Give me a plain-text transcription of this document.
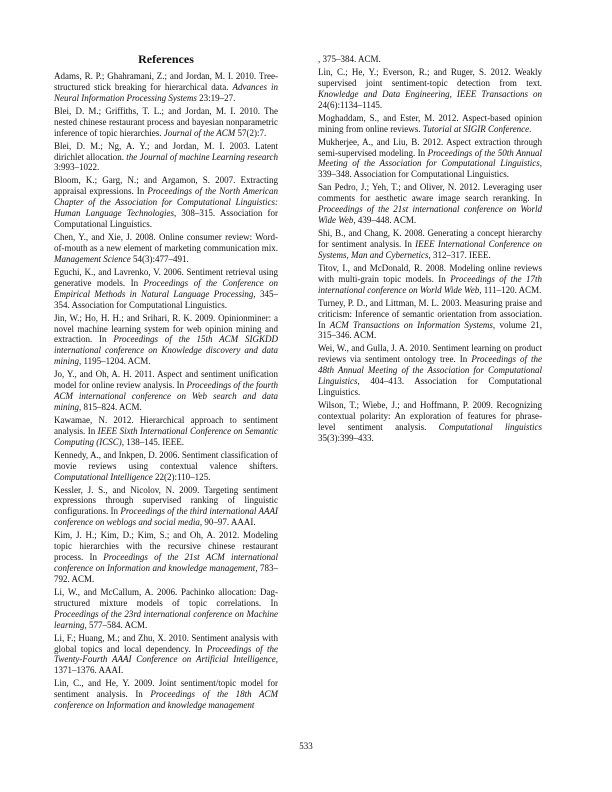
References

Adams, R. P.; Ghahramani, Z.; and Jordan, M. I. 2010. Tree-structured stick breaking for hierarchical data. Advances in Neural Information Processing Systems 23:19–27.

Blei, D. M.; Griffiths, T. L.; and Jordan, M. I. 2010. The nested chinese restaurant process and bayesian nonparametric inference of topic hierarchies. Journal of the ACM 57(2):7.

Blei, D. M.; Ng, A. Y.; and Jordan, M. I. 2003. Latent dirichlet allocation. the Journal of machine Learning research 3:993–1022.

Bloom, K.; Garg, N.; and Argamon, S. 2007. Extracting appraisal expressions. In Proceedings of the North American Chapter of the Association for Computational Linguistics: Human Language Technologies, 308–315. Association for Computational Linguistics.

Chen, Y., and Xie, J. 2008. Online consumer review: Word-of-mouth as a new element of marketing communication mix. Management Science 54(3):477–491.

Eguchi, K., and Lavrenko, V. 2006. Sentiment retrieval using generative models. In Proceedings of the Conference on Empirical Methods in Natural Language Processing, 345–354. Association for Computational Linguistics.

Jin, W.; Ho, H. H.; and Srihari, R. K. 2009. Opinionminer: a novel machine learning system for web opinion mining and extraction. In Proceedings of the 15th ACM SIGKDD international conference on Knowledge discovery and data mining, 1195–1204. ACM.

Jo, Y., and Oh, A. H. 2011. Aspect and sentiment unification model for online review analysis. In Proceedings of the fourth ACM international conference on Web search and data mining, 815–824. ACM.

Kawamae, N. 2012. Hierarchical approach to sentiment analysis. In IEEE Sixth International Conference on Semantic Computing (ICSC), 138–145. IEEE.

Kennedy, A., and Inkpen, D. 2006. Sentiment classification of movie reviews using contextual valence shifters. Computational Intelligence 22(2):110–125.

Kessler, J. S., and Nicolov, N. 2009. Targeting sentiment expressions through supervised ranking of linguistic configurations. In Proceedings of the third international AAAI conference on weblogs and social media, 90–97. AAAI.

Kim, J. H.; Kim, D.; Kim, S.; and Oh, A. 2012. Modeling topic hierarchies with the recursive chinese restaurant process. In Proceedings of the 21st ACM international conference on Information and knowledge management, 783–792. ACM.

Li, W., and McCallum, A. 2006. Pachinko allocation: Dag-structured mixture models of topic correlations. In Proceedings of the 23rd international conference on Machine learning, 577–584. ACM.

Li, F.; Huang, M.; and Zhu, X. 2010. Sentiment analysis with global topics and local dependency. In Proceedings of the Twenty-Fourth AAAI Conference on Artificial Intelligence, 1371–1376. AAAI.

Lin, C., and He, Y. 2009. Joint sentiment/topic model for sentiment analysis. In Proceedings of the 18th ACM conference on Information and knowledge management

, 375–384. ACM.

Lin, C.; He, Y.; Everson, R.; and Ruger, S. 2012. Weakly supervised joint sentiment-topic detection from text. Knowledge and Data Engineering, IEEE Transactions on 24(6):1134–1145.

Moghaddam, S., and Ester, M. 2012. Aspect-based opinion mining from online reviews. Tutorial at SIGIR Conference.

Mukherjee, A., and Liu, B. 2012. Aspect extraction through semi-supervised modeling. In Proceedings of the 50th Annual Meeting of the Association for Computational Linguistics, 339–348. Association for Computational Linguistics.

San Pedro, J.; Yeh, T.; and Oliver, N. 2012. Leveraging user comments for aesthetic aware image search reranking. In Proceedings of the 21st international conference on World Wide Web, 439–448. ACM.

Shi, B., and Chang, K. 2008. Generating a concept hierarchy for sentiment analysis. In IEEE International Conference on Systems, Man and Cybernetics, 312–317. IEEE.

Titov, I., and McDonald, R. 2008. Modeling online reviews with multi-grain topic models. In Proceedings of the 17th international conference on World Wide Web, 111–120. ACM.

Turney, P. D., and Littman, M. L. 2003. Measuring praise and criticism: Inference of semantic orientation from association. In ACM Transactions on Information Systems, volume 21, 315–346. ACM.

Wei, W., and Gulla, J. A. 2010. Sentiment learning on product reviews via sentiment ontology tree. In Proceedings of the 48th Annual Meeting of the Association for Computational Linguistics, 404–413. Association for Computational Linguistics.

Wilson, T.; Wiebe, J.; and Hoffmann, P. 2009. Recognizing contextual polarity: An exploration of features for phrase-level sentiment analysis. Computational linguistics 35(3):399–433.

533
